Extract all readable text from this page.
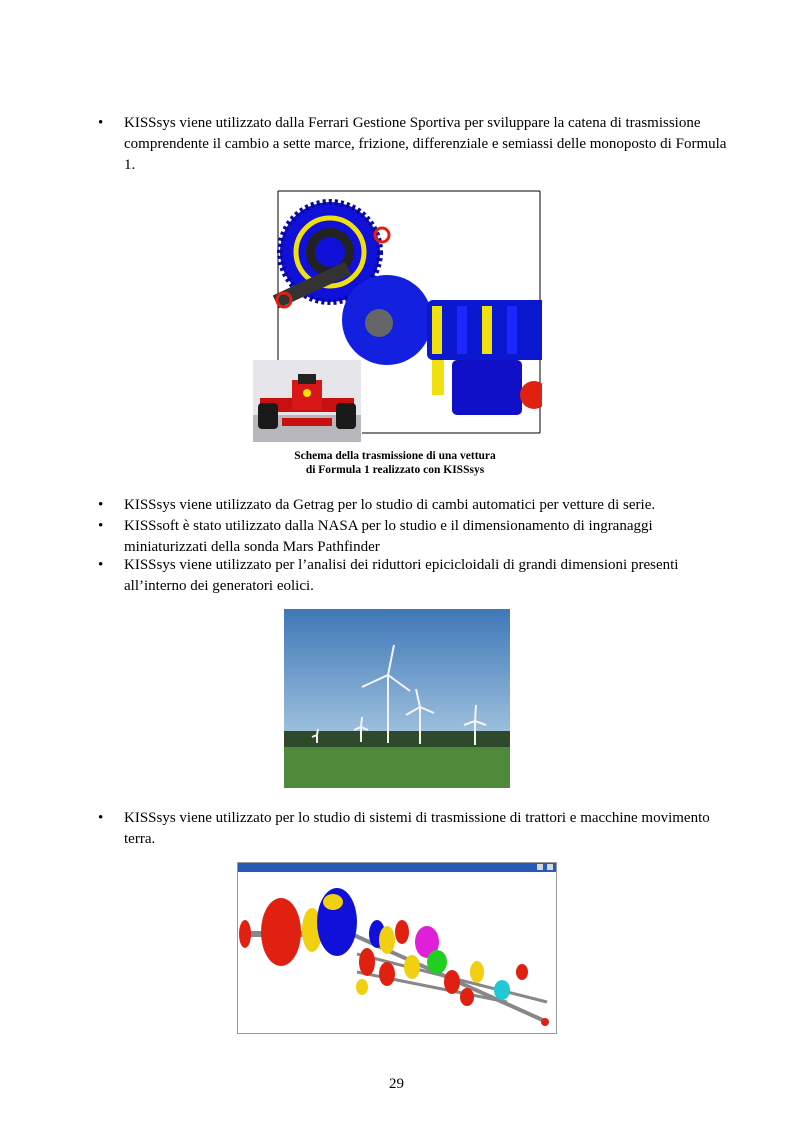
•	KISSsys viene utilizzato dalla Ferrari Gestione Sportiva per sviluppare la catena di trasmissione comprendente il cambio a sette marce, frizione, differenziale e semiassi delle monoposto di Formula 1.
Schema della trasmissione di una vettura
di Formula 1 realizzato con KISSsys
•	KISSsys viene utilizzato da Getrag per lo studio di cambi automatici per vetture di serie.
•	KISSsoft è stato utilizzato dalla NASA per lo studio e il dimensionamento di ingranaggi miniaturizzati della sonda Mars Pathfinder
•	KISSsys viene utilizzato per l’analisi dei riduttori epicicloidali di grandi dimensioni presenti all’interno dei generatori eolici.
•	KISSsys viene utilizzato per lo studio di sistemi di trasmissione di trattori e macchine movimento terra.
29
